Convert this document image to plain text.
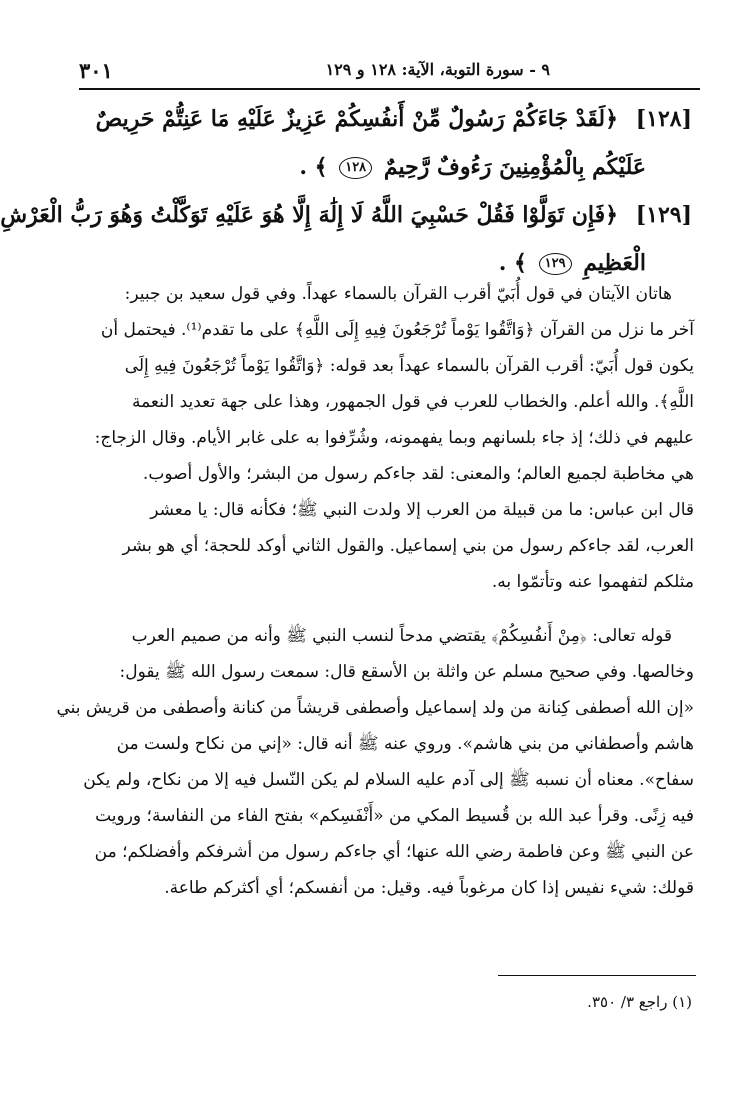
٩ - سورة التوبة، الآية: ١٢٨ و ١٢٩
٣٠١
[١٢٨] ﴿لَقَدْ جَاءَكُمْ رَسُولٌ مِّنْ أَنفُسِكُمْ عَزِيزٌ عَلَيْهِ مَا عَنِتُّمْ حَرِيصٌ
عَلَيْكُم بِالْمُؤْمِنِينَ رَءُوفٌ رَّحِيمٌ ١٢٨ ﴾ .
[١٢٩] ﴿فَإِن تَوَلَّوْا فَقُلْ حَسْبِيَ اللَّهُ لَا إِلَٰهَ إِلَّا هُوَ عَلَيْهِ تَوَكَّلْتُ وَهُوَ رَبُّ الْعَرْشِ
الْعَظِيمِ ١٢٩ ﴾ .
هاتان الآيتان في قول أُبَيّ أقرب القرآن بالسماء عهداً. وفي قول سعيد بن جبير:
آخر ما نزل من القرآن ﴿وَاتَّقُوا يَوْماً تُرْجَعُونَ فِيهِ إِلَى اللَّهِ﴾ على ما تقدم⁽¹⁾. فيحتمل أن
يكون قول أُبَيّ: أقرب القرآن بالسماء عهداً بعد قوله: ﴿وَاتَّقُوا يَوْماً تُرْجَعُونَ فِيهِ إِلَى
اللَّهِ﴾. والله أعلم. والخطاب للعرب في قول الجمهور، وهذا على جهة تعديد النعمة
عليهم في ذلك؛ إذ جاء بلسانهم وبما يفهمونه، وشُرِّفوا به على غابر الأيام. وقال الزجاج:
هي مخاطبة لجميع العالم؛ والمعنى: لقد جاءكم رسول من البشر؛ والأول أصوب.
قال ابن عباس: ما من قبيلة من العرب إلا ولدت النبي ﷺ؛ فكأنه قال: يا معشر
العرب، لقد جاءكم رسول من بني إسماعيل. والقول الثاني أوكد للحجة؛ أي هو بشر
مثلكم لتفهموا عنه وتأتمّوا به.
قوله تعالى: ﴿مِنْ أَنفُسِكُمْ﴾ يقتضي مدحاً لنسب النبي ﷺ وأنه من صميم العرب
وخالصها. وفي صحيح مسلم عن واثلة بن الأسقع قال: سمعت رسول الله ﷺ يقول:
«إن الله أصطفى كِنانة من ولد إسماعيل وأصطفى قريشاً من كنانة وأصطفى من قريش بني
هاشم وأصطفاني من بني هاشم». وروي عنه ﷺ أنه قال: «إني من نكاح ولست من
سفاح». معناه أن نسبه ﷺ إلى آدم عليه السلام لم يكن النّسل فيه إلا من نكاح، ولم يكن
فيه زِنًى. وقرأ عبد الله بن قُسيط المكي من «أَنْفَسِكم» بفتح الفاء من النفاسة؛ ورويت
عن النبي ﷺ وعن فاطمة رضي الله عنها؛ أي جاءكم رسول من أشرفكم وأفضلكم؛ من
قولك: شيء نفيس إذا كان مرغوباً فيه. وقيل: من أنفسكم؛ أي أكثركم طاعة.
(١) راجع ٣/ ٣٥٠.
